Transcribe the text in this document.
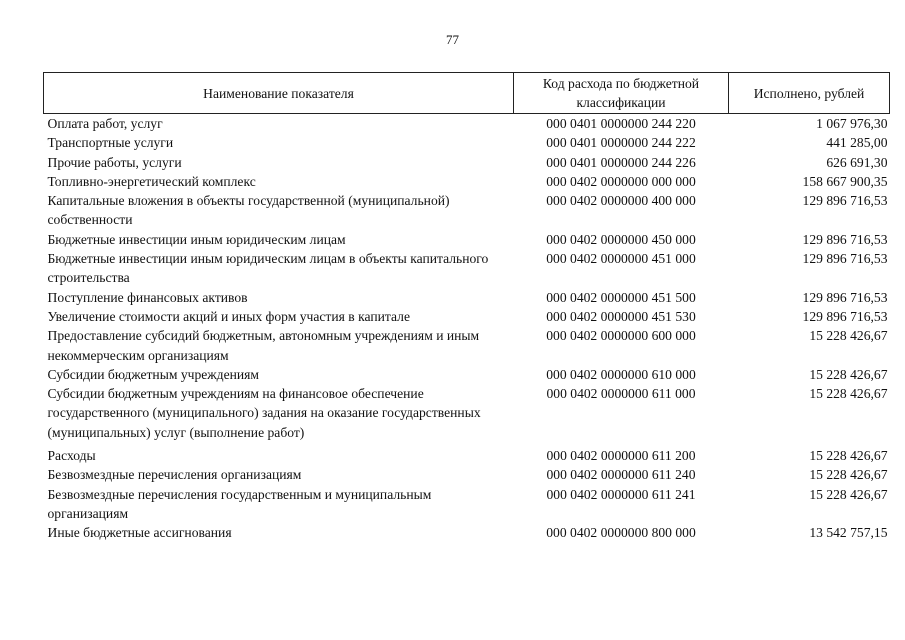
77
Наименование показателя	Код расхода по бюджетной классификации	Исполнено, рублей
Оплата работ, услуг	000 0401 0000000 244 220	1 067 976,30
Транспортные услуги	000 0401 0000000 244 222	441 285,00
Прочие работы, услуги	000 0401 0000000 244 226	626 691,30
Топливно-энергетический комплекс	000 0402 0000000 000 000	158 667 900,35
Капитальные вложения в объекты государственной (муниципальной) собственности	000 0402 0000000 400 000	129 896 716,53
Бюджетные инвестиции иным юридическим лицам	000 0402 0000000 450 000	129 896 716,53
Бюджетные инвестиции иным юридическим лицам в объекты капитального строительства	000 0402 0000000 451 000	129 896 716,53
Поступление финансовых активов	000 0402 0000000 451 500	129 896 716,53
Увеличение стоимости акций и иных форм участия в капитале	000 0402 0000000 451 530	129 896 716,53
Предоставление субсидий бюджетным, автономным учреждениям и иным некоммерческим организациям	000 0402 0000000 600 000	15 228 426,67
Субсидии бюджетным учреждениям	000 0402 0000000 610 000	15 228 426,67
Субсидии бюджетным учреждениям на финансовое обеспечение государственного (муниципального) задания на оказание государственных (муниципальных) услуг (выполнение работ)	000 0402 0000000 611 000	15 228 426,67
Расходы	000 0402 0000000 611 200	15 228 426,67
Безвозмездные перечисления организациям	000 0402 0000000 611 240	15 228 426,67
Безвозмездные перечисления государственным и муниципальным организациям	000 0402 0000000 611 241	15 228 426,67
Иные бюджетные ассигнования	000 0402 0000000 800 000	13 542 757,15
